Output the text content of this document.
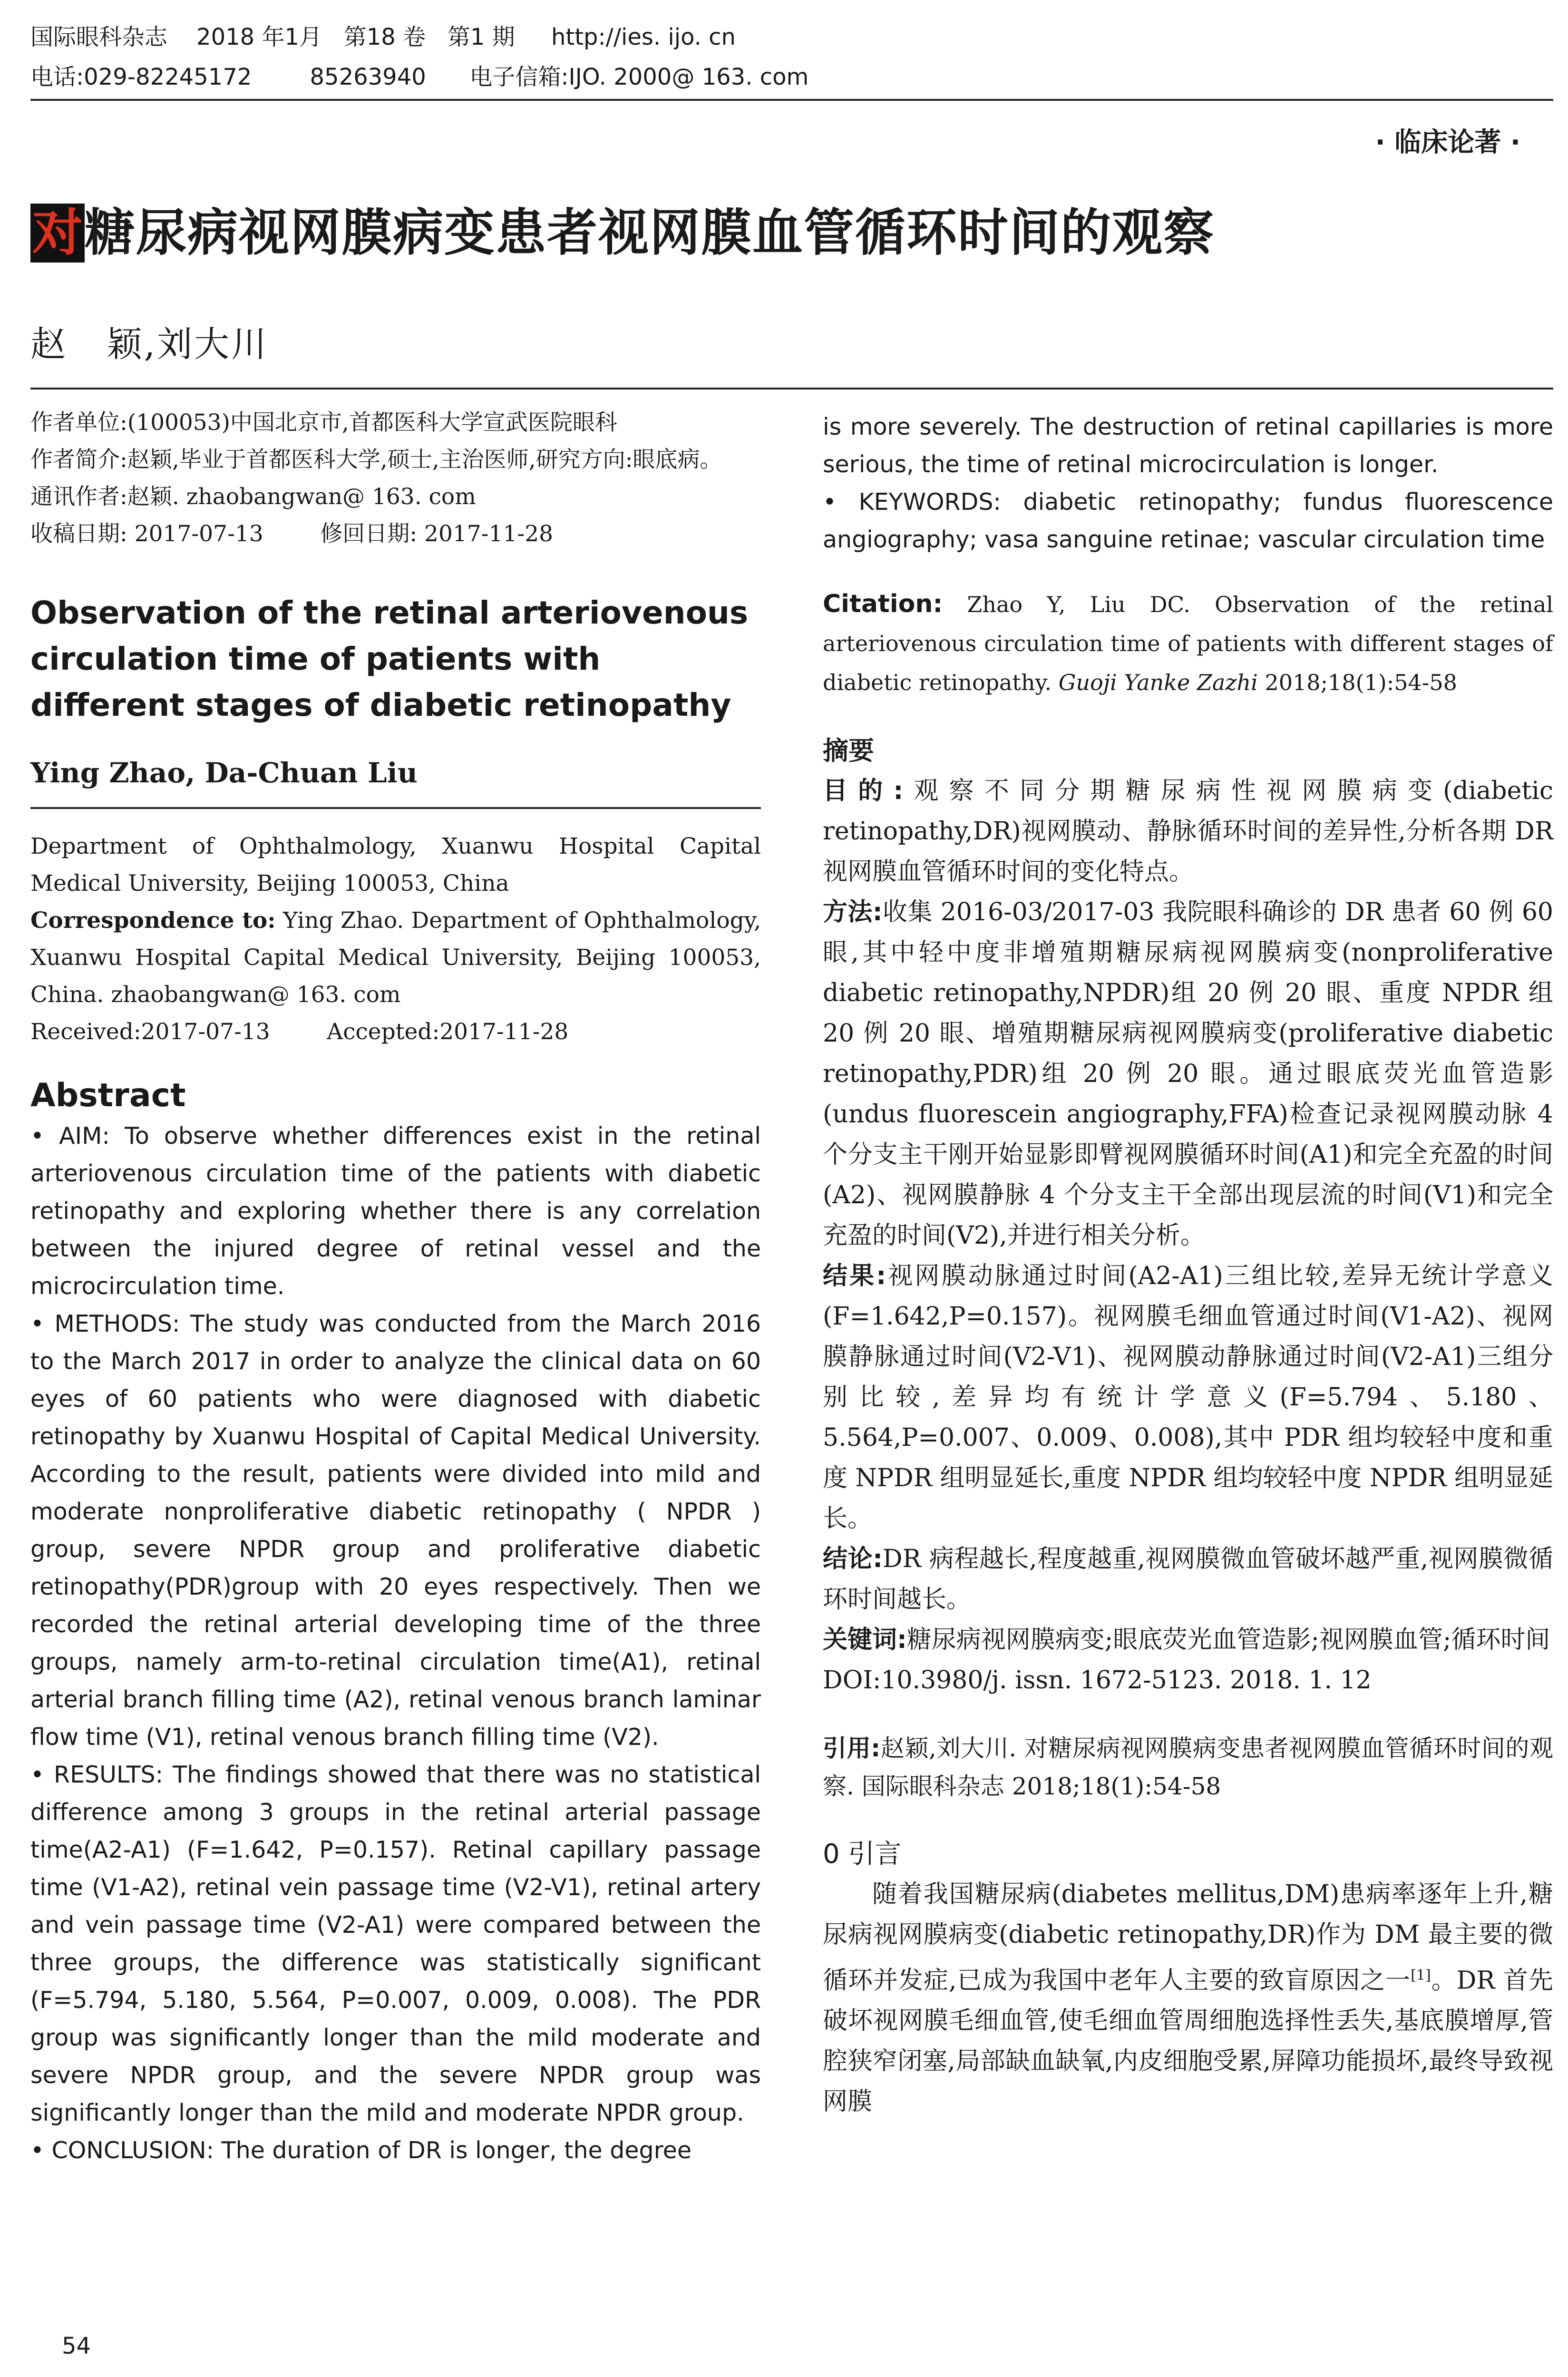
国际眼科杂志    2018 年1月   第18 卷   第1 期     http://ies. ijo. cn
电话:029-82245172        85263940      电子信箱:IJO. 2000@ 163. com
· 临床论著 ·
对 糖尿病视网膜病变患者视网膜血管循环时间的观察
赵   颖,刘大川
作者单位:(100053)中国北京市,首都医科大学宣武医院眼科
作者简介:赵颖,毕业于首都医科大学,硕士,主治医师,研究方向:眼底病。
通讯作者:赵颖. zhaobangwan@ 163. com
收稿日期: 2017-07-13        修回日期: 2017-11-28
Observation of the retinal arteriovenous circulation time of patients with different stages of diabetic retinopathy
Ying Zhao, Da-Chuan Liu
Department of Ophthalmology, Xuanwu Hospital Capital Medical University, Beijing 100053, China
Correspondence to: Ying Zhao. Department of Ophthalmology, Xuanwu Hospital Capital Medical University, Beijing 100053, China. zhaobangwan@ 163. com
Received:2017-07-13        Accepted:2017-11-28
Abstract

• AIM: To observe whether differences exist in the retinal arteriovenous circulation time of the patients with diabetic retinopathy and exploring whether there is any correlation between the injured degree of retinal vessel and the microcirculation time.

• METHODS: The study was conducted from the March 2016 to the March 2017 in order to analyze the clinical data on 60 eyes of 60 patients who were diagnosed with diabetic retinopathy by Xuanwu Hospital of Capital Medical University. According to the result, patients were divided into mild and moderate nonproliferative diabetic retinopathy ( NPDR ) group, severe NPDR group and proliferative diabetic retinopathy(PDR)group with 20 eyes respectively. Then we recorded the retinal arterial developing time of the three groups, namely arm-to-retinal circulation time(A1), retinal arterial branch filling time (A2), retinal venous branch laminar flow time (V1), retinal venous branch filling time (V2).

• RESULTS: The findings showed that there was no statistical difference among 3 groups in the retinal arterial passage time(A2-A1) (F=1.642, P=0.157). Retinal capillary passage time (V1-A2), retinal vein passage time (V2-V1), retinal artery and vein passage time (V2-A1) were compared between the three groups, the difference was statistically significant (F=5.794, 5.180, 5.564, P=0.007, 0.009, 0.008). The PDR group was significantly longer than the mild moderate and severe NPDR group, and the severe NPDR group was significantly longer than the mild and moderate NPDR group.

• CONCLUSION: The duration of DR is longer, the degree

is more severely. The destruction of retinal capillaries is more serious, the time of retinal microcirculation is longer.

• KEYWORDS: diabetic retinopathy; fundus fluorescence angiography; vasa sanguine retinae; vascular circulation time

Citation: Zhao Y, Liu DC. Observation of the retinal arteriovenous circulation time of patients with different stages of diabetic retinopathy. Guoji Yanke Zazhi 2018;18(1):54-58

摘要

目的:观察不同分期糖尿病性视网膜病变(diabetic retinopathy,DR)视网膜动、静脉循环时间的差异性,分析各期 DR 视网膜血管循环时间的变化特点。

方法:收集 2016-03/2017-03 我院眼科确诊的 DR 患者 60 例 60 眼,其中轻中度非增殖期糖尿病视网膜病变(nonproliferative diabetic retinopathy,NPDR)组 20 例 20 眼、重度 NPDR 组 20 例 20 眼、增殖期糖尿病视网膜病变(proliferative diabetic retinopathy,PDR)组 20 例 20 眼。通过眼底荧光血管造影(undus fluorescein angiography,FFA)检查记录视网膜动脉 4 个分支主干刚开始显影即臂视网膜循环时间(A1)和完全充盈的时间(A2)、视网膜静脉 4 个分支主干全部出现层流的时间(V1)和完全充盈的时间(V2),并进行相关分析。

结果:视网膜动脉通过时间(A2-A1)三组比较,差异无统计学意义(F=1.642,P=0.157)。视网膜毛细血管通过时间(V1-A2)、视网膜静脉通过时间(V2-V1)、视网膜动静脉通过时间(V2-A1)三组分别比较,差异均有统计学意义(F=5.794、5.180、5.564,P=0.007、0.009、0.008),其中 PDR 组均较轻中度和重度 NPDR 组明显延长,重度 NPDR 组均较轻中度 NPDR 组明显延长。

结论:DR 病程越长,程度越重,视网膜微血管破坏越严重,视网膜微循环时间越长。

关键词:糖尿病视网膜病变;眼底荧光血管造影;视网膜血管;循环时间

DOI:10.3980/j. issn. 1672-5123. 2018. 1. 12

引用:赵颖,刘大川. 对糖尿病视网膜病变患者视网膜血管循环时间的观察. 国际眼科杂志 2018;18(1):54-58

0 引言

随着我国糖尿病(diabetes mellitus,DM)患病率逐年上升,糖尿病视网膜病变(diabetic retinopathy,DR)作为 DM 最主要的微循环并发症,已成为我国中老年人主要的致盲原因之一[1]。DR 首先破坏视网膜毛细血管,使毛细血管周细胞选择性丢失,基底膜增厚,管腔狭窄闭塞,局部缺血缺氧,内皮细胞受累,屏障功能损坏,最终导致视网膜

54
